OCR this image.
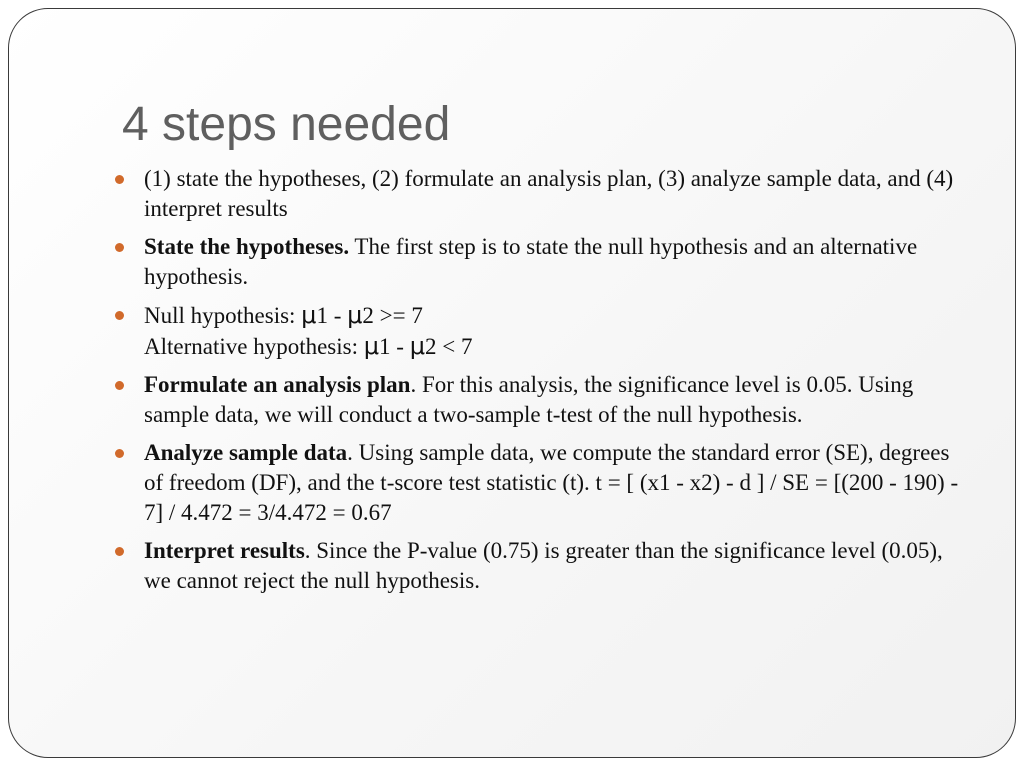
4 steps needed
(1) state the hypotheses, (2) formulate an analysis plan, (3) analyze sample data, and (4) interpret results
State the hypotheses. The first step is to state the null hypothesis and an alternative hypothesis.
Null hypothesis: μ1 - μ2 >= 7
Alternative hypothesis: μ1 - μ2 < 7
Formulate an analysis plan. For this analysis, the significance level is 0.05. Using sample data, we will conduct a two-sample t-test of the null hypothesis.
Analyze sample data. Using sample data, we compute the standard error (SE), degrees of freedom (DF), and the t-score test statistic (t). t = [ (x1 - x2) - d ] / SE = [(200 - 190) - 7] / 4.472 = 3/4.472 = 0.67
Interpret results. Since the P-value (0.75) is greater than the significance level (0.05), we cannot reject the null hypothesis.
